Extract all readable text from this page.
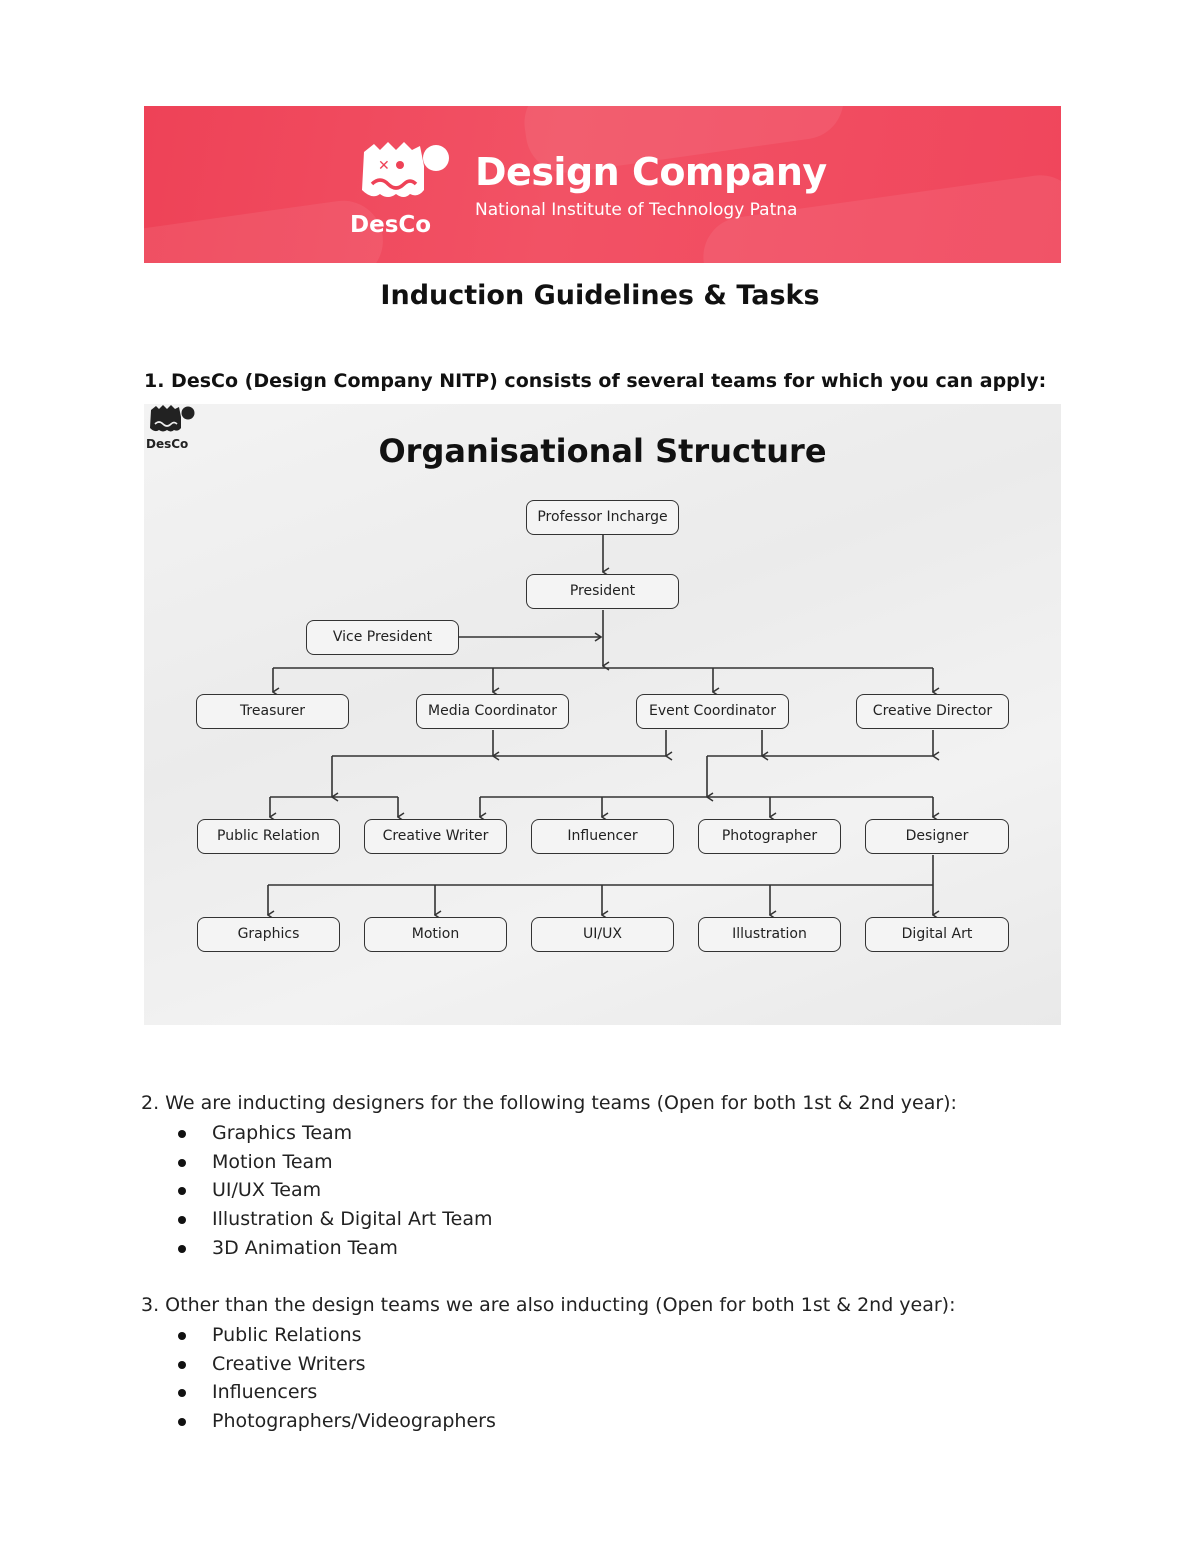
✕
DesCo
Design Company
National Institute of Technology Patna
Induction Guidelines & Tasks
1. DesCo (Design Company NITP) consists of several teams for which you can apply:
Organisational Structure
Professor Incharge
President
Vice President
Treasurer	Media Coordinator	Event Coordinator	Creative Director
Public Relation	Creative Writer	Influencer	Photographer	Designer
Graphics	Motion	UI/UX	Illustration	Digital Art
DesCo
2. We are inducting designers for the following teams (Open for both 1st & 2nd year):
Graphics Team
Motion Team
UI/UX Team
Illustration & Digital Art Team
3D Animation Team
3. Other than the design teams we are also inducting (Open for both 1st & 2nd year):
Public Relations
Creative Writers
Influencers
Photographers/Videographers
